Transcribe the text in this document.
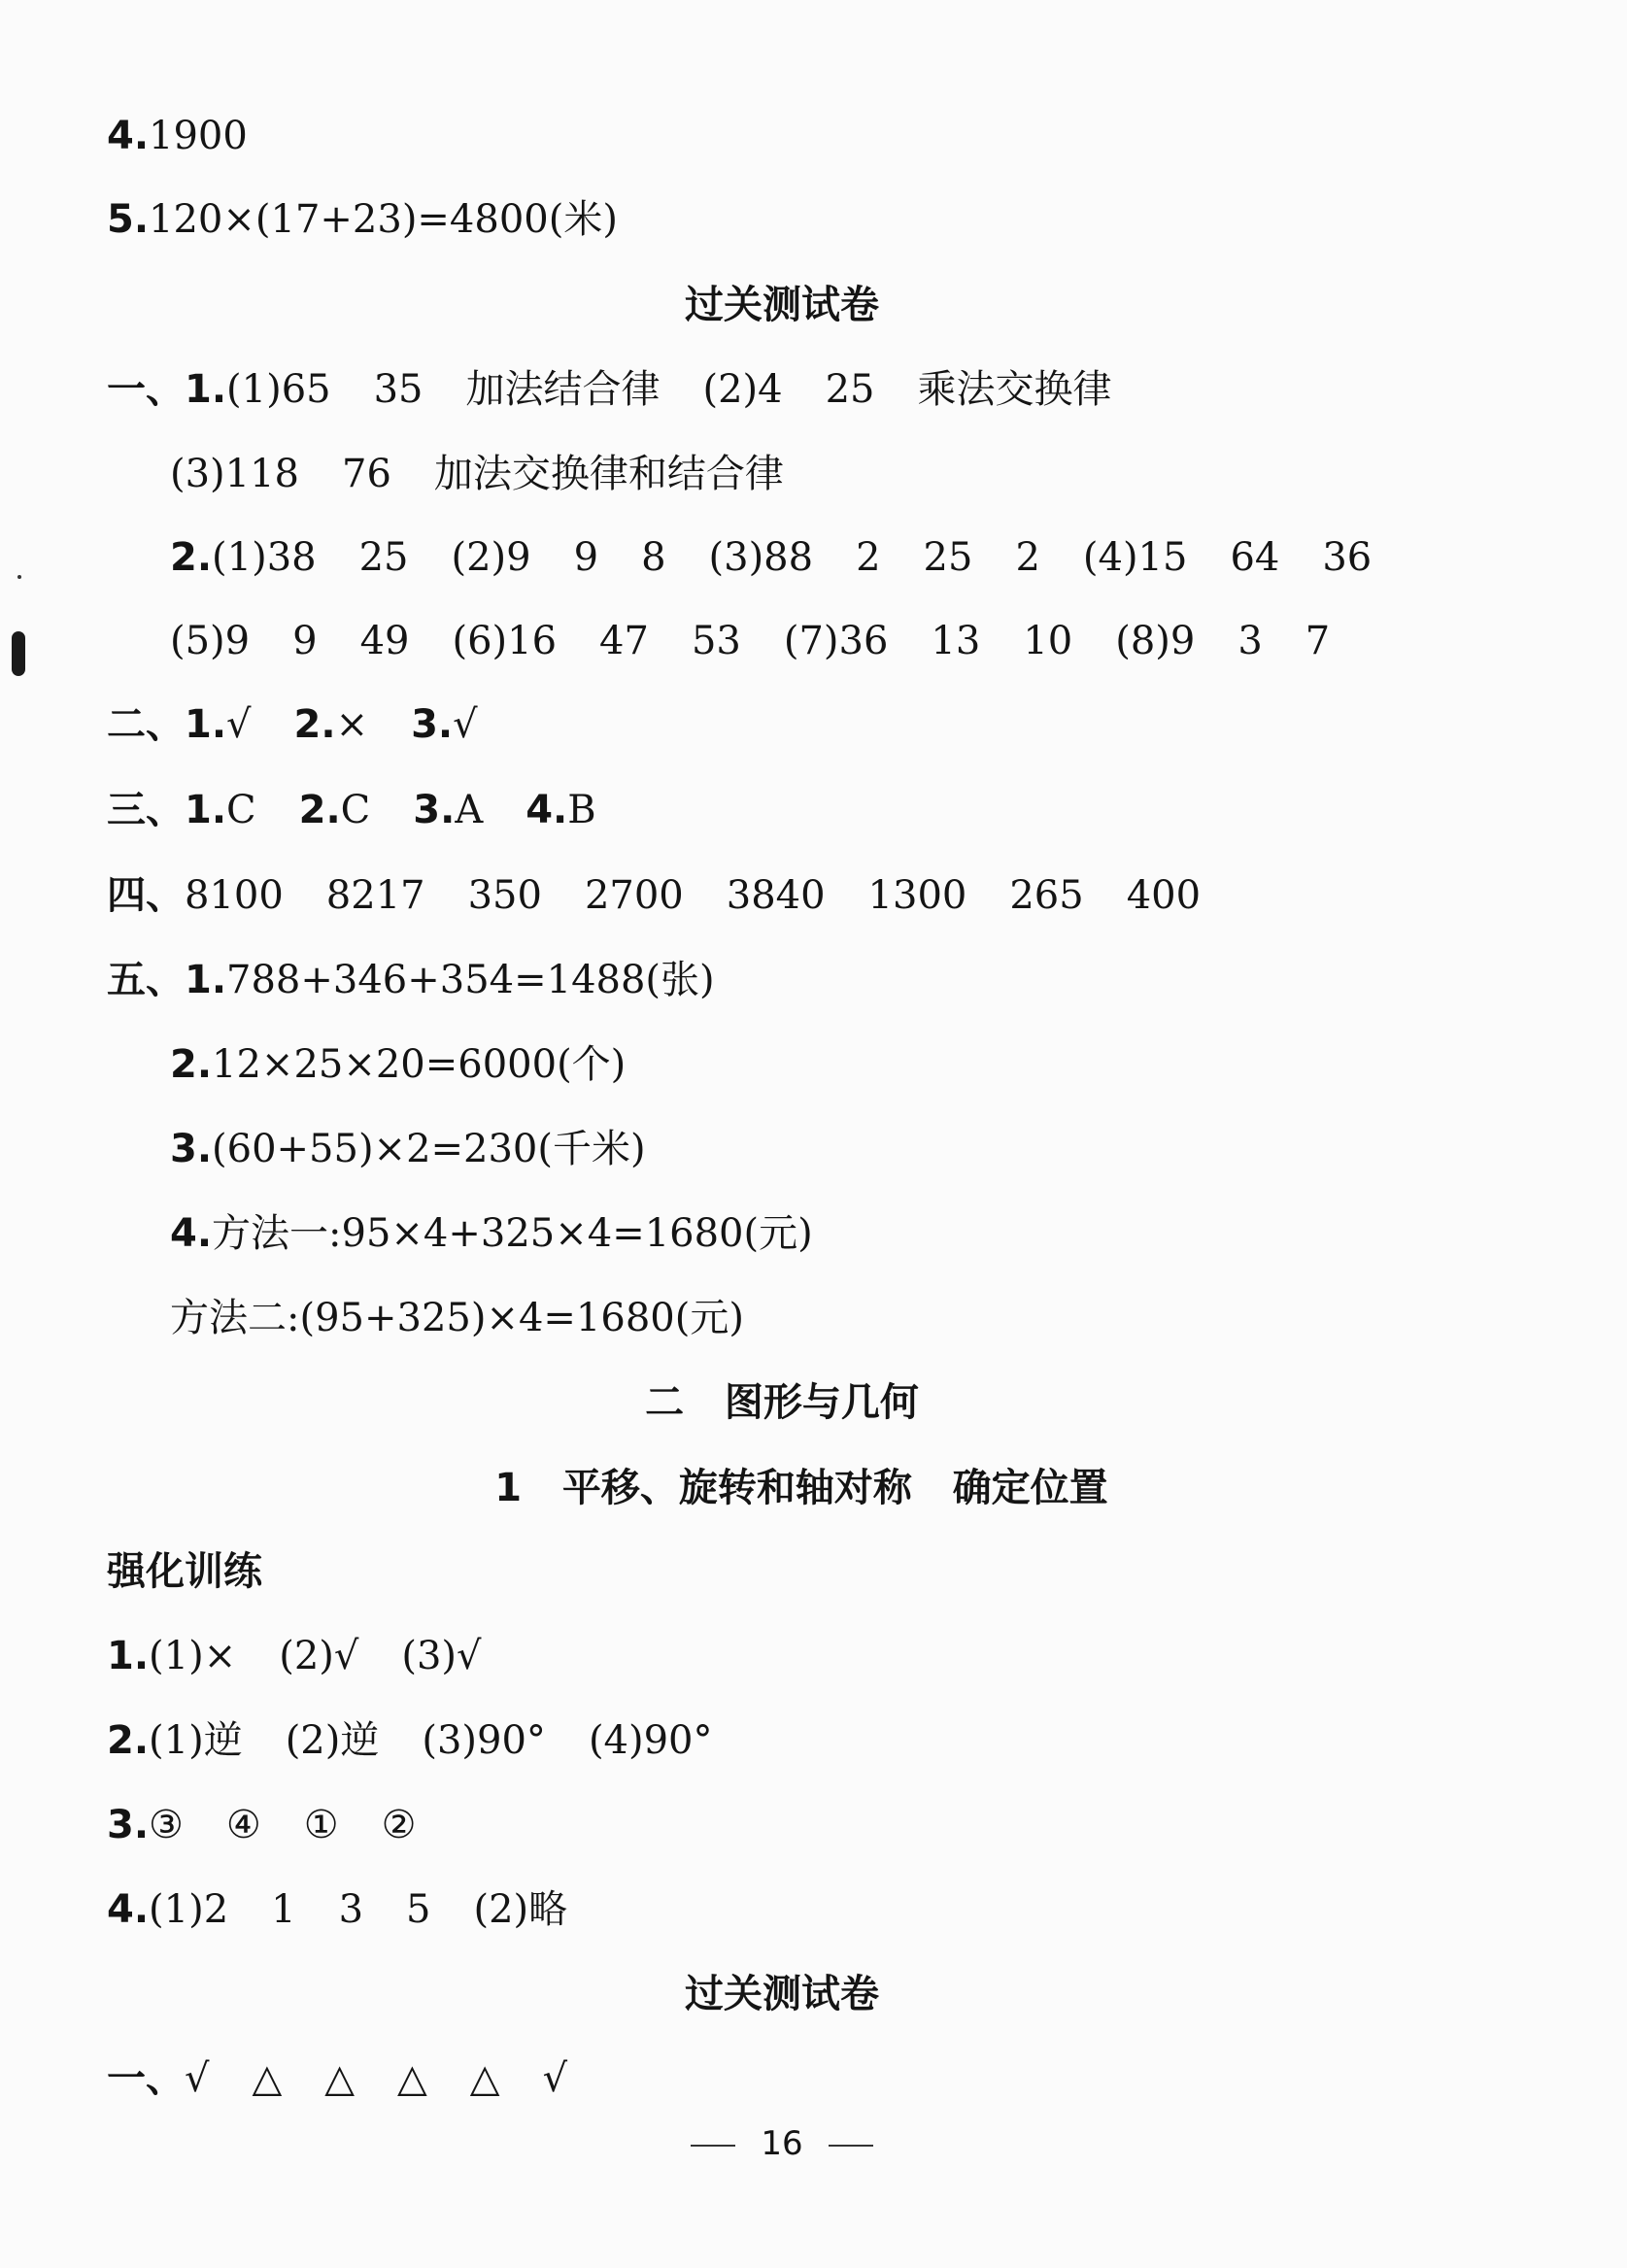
4.1900
5.120×(17+23)=4800(米)
过关测试卷
一、1.(1)65 35 加法结合律 (2)4 25 乘法交换律
(3)118 76 加法交换律和结合律
2.(1)38 25 (2)9 9 8 (3)88 2 25 2 (4)15 64 36
(5)9 9 49 (6)16 47 53 (7)36 13 10 (8)9 3 7
二、1.√ 2.× 3.√
三、1.C 2.C 3.A 4.B
四、8100 8217 350 2700 3840 1300 265 400
五、1.788+346+354=1488(张)
2.12×25×20=6000(个)
3.(60+55)×2=230(千米)
4.方法一:95×4+325×4=1680(元)
方法二:(95+325)×4=1680(元)
二   图形与几何
1   平移、旋转和轴对称   确定位置
强化训练
1.(1)× (2)√ (3)√
2.(1)逆 (2)逆 (3)90° (4)90°
3.③ ④ ① ②
4.(1)2 1 3 5 (2)略
过关测试卷
一、√ △ △ △ △ √
16
